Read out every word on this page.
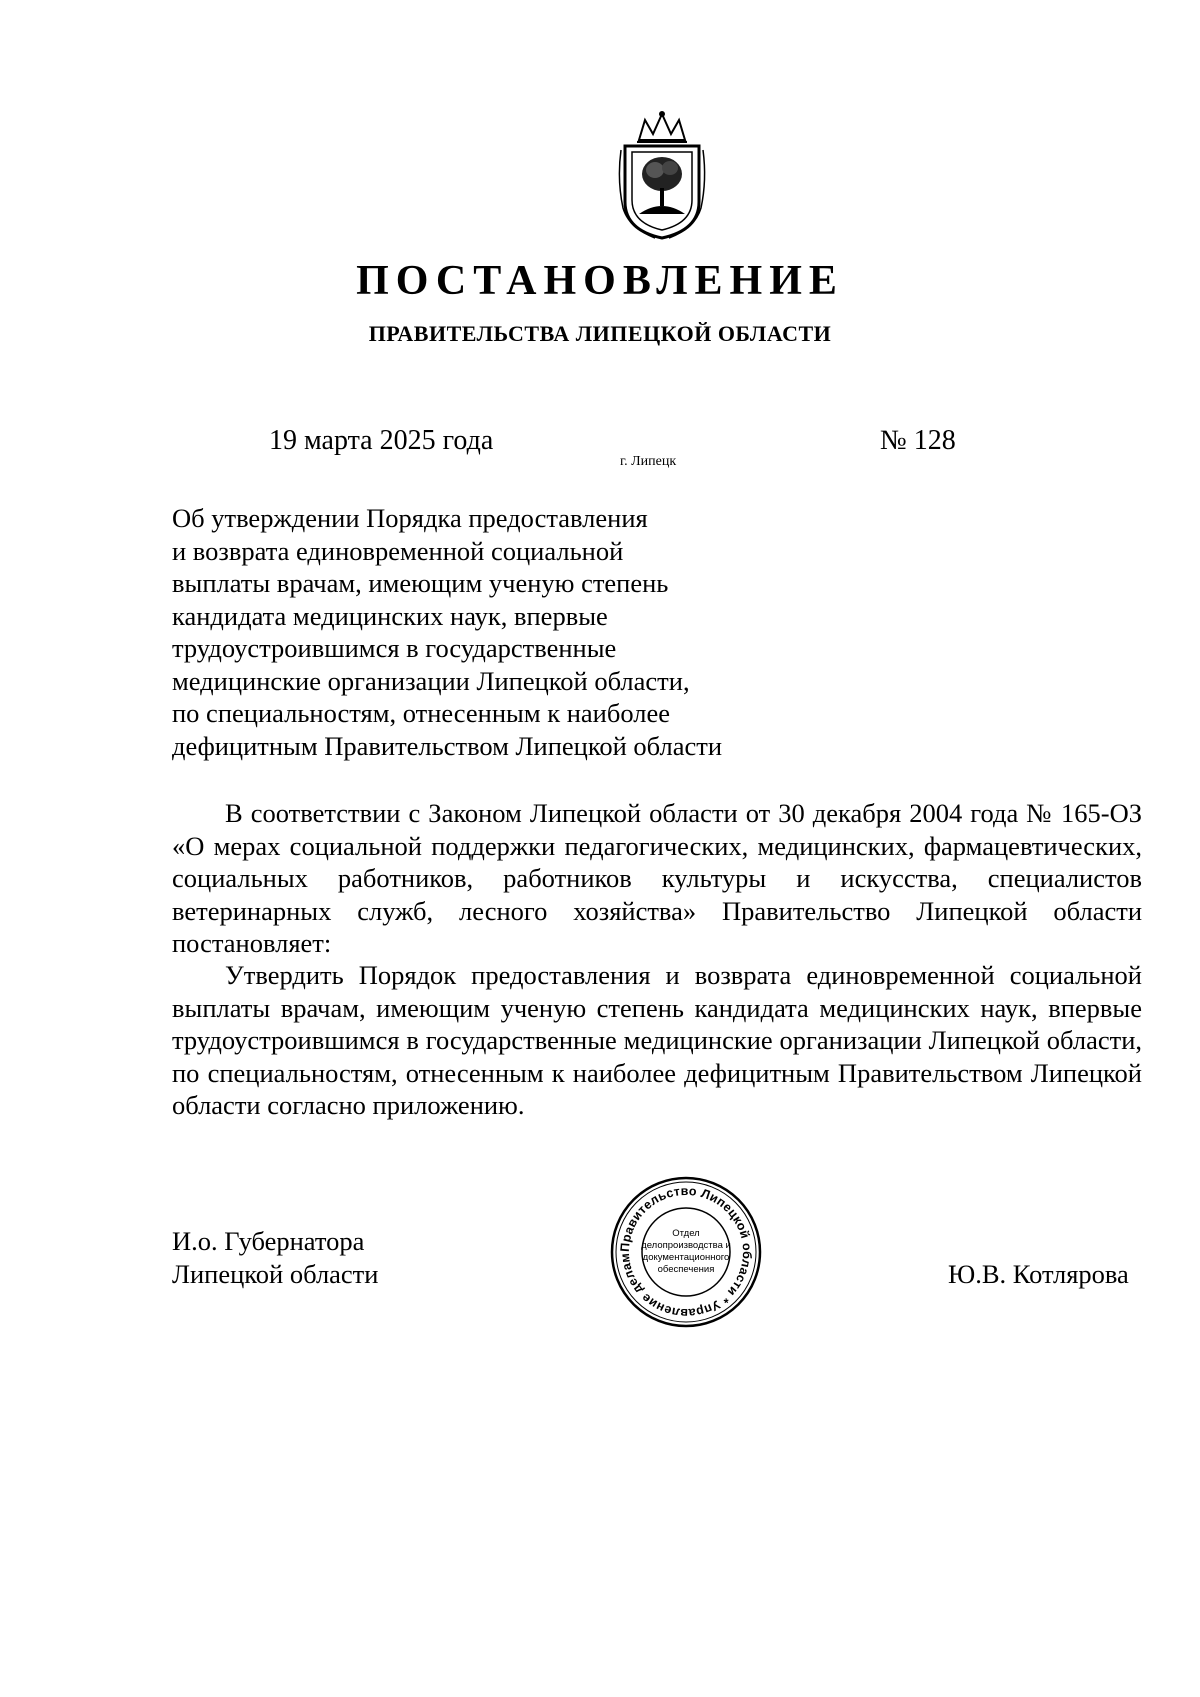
ПОСТАНОВЛЕНИЕ
ПРАВИТЕЛЬСТВА ЛИПЕЦКОЙ ОБЛАСТИ
19 марта 2025 года
г. Липецк
№ 128
Об утверждении Порядка предоставления
и возврата единовременной социальной
выплаты врачам, имеющим ученую степень
кандидата медицинских наук, впервые
трудоустроившимся в государственные
медицинские организации Липецкой области,
по специальностям, отнесенным к наиболее
дефицитным Правительством Липецкой области
В соответствии с Законом Липецкой области от 30 декабря 2004 года № 165-ОЗ «О мерах социальной поддержки педагогических, медицинских, фармацевтических, социальных работников, работников культуры и искусства, специалистов ветеринарных служб, лесного хозяйства» Правительство Липецкой области постановляет:
Утвердить Порядок предоставления и возврата единовременной социальной выплаты врачам, имеющим ученую степень кандидата медицинских наук, впервые трудоустроившимся в государственные медицинские организации Липецкой области, по специальностям, отнесенным к наиболее дефицитным Правительством Липецкой области согласно приложению.
И.о. Губернатора
Липецкой области	Ю.В. Котлярова
Правительство Липецкой области * Управление делам
Отдел
делопроизводства и
документационного
обеспечения
